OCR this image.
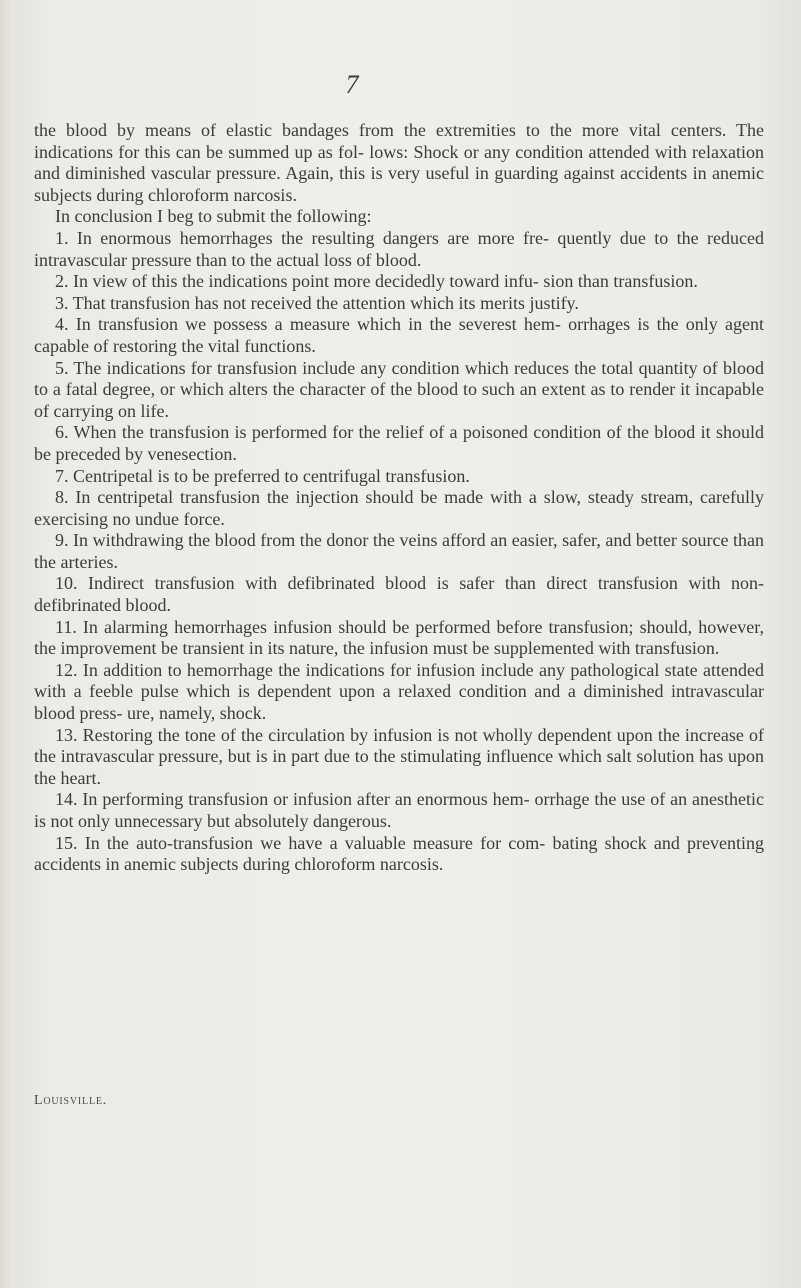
7

the blood by means of elastic bandages from the extremities to the more vital centers. The indications for this can be summed up as fol- lows: Shock or any condition attended with relaxation and diminished vascular pressure. Again, this is very useful in guarding against accidents in anemic subjects during chloroform narcosis.

In conclusion I beg to submit the following:

1. In enormous hemorrhages the resulting dangers are more fre- quently due to the reduced intravascular pressure than to the actual loss of blood.

2. In view of this the indications point more decidedly toward infu- sion than transfusion.

3. That transfusion has not received the attention which its merits justify.

4. In transfusion we possess a measure which in the severest hem- orrhages is the only agent capable of restoring the vital functions.

5. The indications for transfusion include any condition which reduces the total quantity of blood to a fatal degree, or which alters the character of the blood to such an extent as to render it incapable of carrying on life.

6. When the transfusion is performed for the relief of a poisoned condition of the blood it should be preceded by venesection.

7. Centripetal is to be preferred to centrifugal transfusion.

8. In centripetal transfusion the injection should be made with a slow, steady stream, carefully exercising no undue force.

9. In withdrawing the blood from the donor the veins afford an easier, safer, and better source than the arteries.

10. Indirect transfusion with defibrinated blood is safer than direct transfusion with non-defibrinated blood.

11. In alarming hemorrhages infusion should be performed before transfusion; should, however, the improvement be transient in its nature, the infusion must be supplemented with transfusion.

12. In addition to hemorrhage the indications for infusion include any pathological state attended with a feeble pulse which is dependent upon a relaxed condition and a diminished intravascular blood press- ure, namely, shock.

13. Restoring the tone of the circulation by infusion is not wholly dependent upon the increase of the intravascular pressure, but is in part due to the stimulating influence which salt solution has upon the heart.

14. In performing transfusion or infusion after an enormous hem- orrhage the use of an anesthetic is not only unnecessary but absolutely dangerous.

15. In the auto-transfusion we have a valuable measure for com- bating shock and preventing accidents in anemic subjects during chloroform narcosis.

Louisville.
